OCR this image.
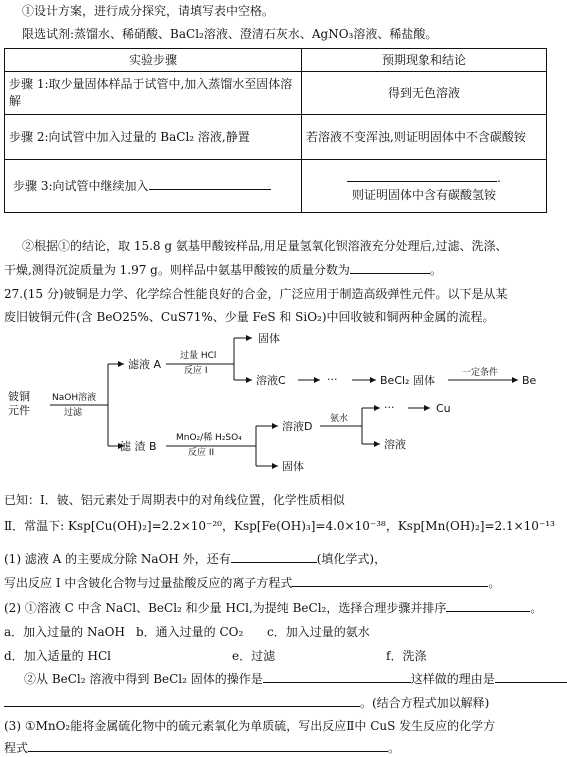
①设计方案，进行成分探究，请填写表中空格。
限选试剂:蒸馏水、稀硝酸、BaCl₂溶液、澄清石灰水、AgNO₃溶液、稀盐酸。
实验步骤	预期现象和结论
步骤 1:取少量固体样品于试管中,加入蒸馏水至固体溶解	得到无色溶液
步骤 2:向试管中加入过量的 BaCl₂ 溶液,静置	若溶液不变浑浊,则证明固体中不含碳酸铵
步骤 3:向试管中继续加入	.
则证明固体中含有碳酸氢铵
②根据①的结论，取 15.8 g 氨基甲酸铵样品,用足量氢氧化钡溶液充分处理后,过滤、洗涤、
干燥,测得沉淀质量为 1.97 g。则样品中氨基甲酸铵的质量分数为	。
27.(15 分)铍铜是力学、化学综合性能良好的合金，广泛应用于制造高级弹性元件。以下是从某
废旧铍铜元件(含 BeO25%、CuS71%、少量 FeS 和 SiO₂)中回收铍和铜两种金属的流程。
铍铜
元件
NaOH溶液
过滤
滤液 A
过量 HCl
反应 I
固体
溶液C	···	BeCl₂ 固体
一定条件
Be
滤 渣 B
MnO₂/稀 H₂SO₄
反应 II
溶液D
氨水
···	Cu
溶液
固体
已知：I．铍、铝元素处于周期表中的对角线位置，化学性质相似
Ⅱ．常温下: Ksp[Cu(OH)₂]=2.2×10⁻²⁰，Ksp[Fe(OH)₃]=4.0×10⁻³⁸，Ksp[Mn(OH)₂]=2.1×10⁻¹³
(1) 滤液 A 的主要成分除 NaOH 外，还有	(填化学式)，
写出反应 I 中含铍化合物与过量盐酸反应的离子方程式	。
(2) ①溶液 C 中含 NaCl、BeCl₂ 和少量 HCl,为提纯 BeCl₂，选择合理步骤并排序	。
a．加入过量的 NaOH b．通入过量的 CO₂ c．加入过量的氨水
d．加入适量的 HCl	e．过滤	f．洗涤
②从 BeCl₂ 溶液中得到 BeCl₂ 固体的操作是	这样做的理由是
。(结合方程式加以解释)
(3) ①MnO₂能将金属硫化物中的硫元素氧化为单质硫，写出反应Ⅱ中 CuS 发生反应的化学方
程式	。
